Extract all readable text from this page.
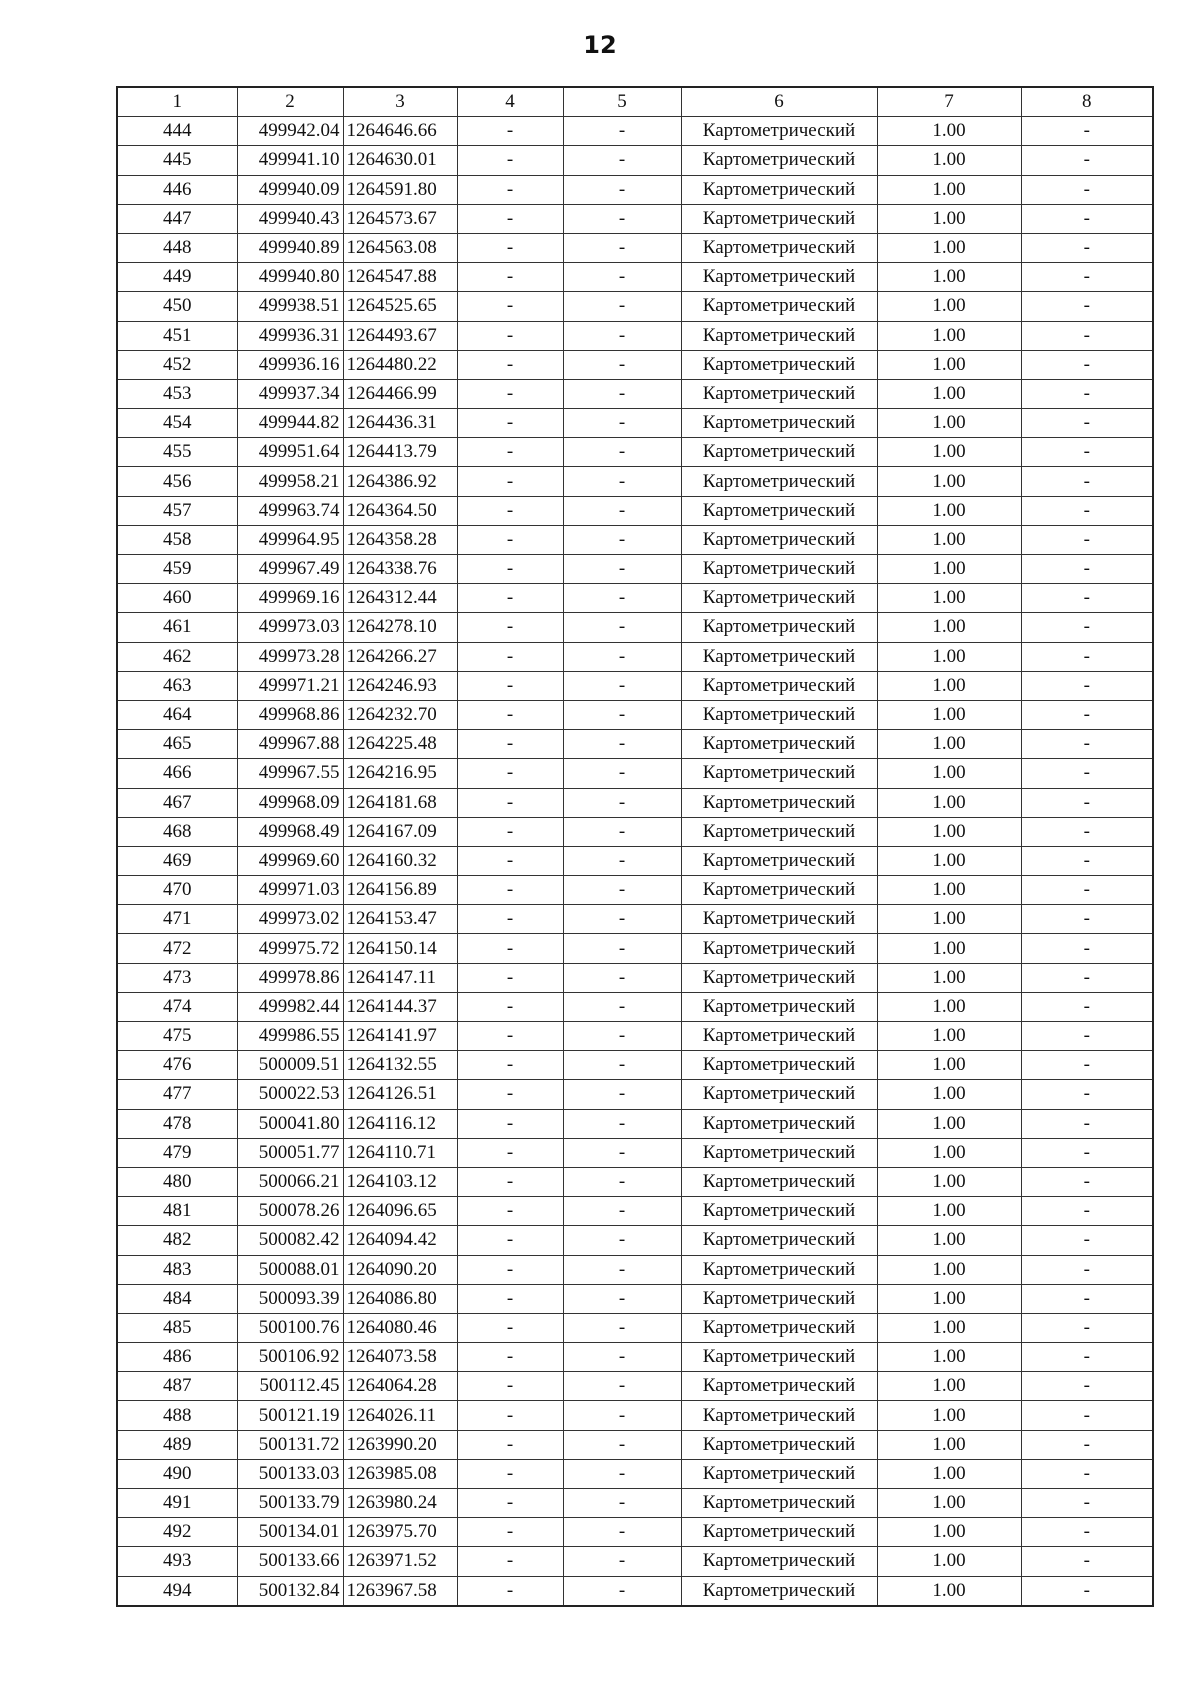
12
1	2	3	4	5	6	7	8
444	499942.04	1264646.66	-	-	Картометрический	1.00	-
445	499941.10	1264630.01	-	-	Картометрический	1.00	-
446	499940.09	1264591.80	-	-	Картометрический	1.00	-
447	499940.43	1264573.67	-	-	Картометрический	1.00	-
448	499940.89	1264563.08	-	-	Картометрический	1.00	-
449	499940.80	1264547.88	-	-	Картометрический	1.00	-
450	499938.51	1264525.65	-	-	Картометрический	1.00	-
451	499936.31	1264493.67	-	-	Картометрический	1.00	-
452	499936.16	1264480.22	-	-	Картометрический	1.00	-
453	499937.34	1264466.99	-	-	Картометрический	1.00	-
454	499944.82	1264436.31	-	-	Картометрический	1.00	-
455	499951.64	1264413.79	-	-	Картометрический	1.00	-
456	499958.21	1264386.92	-	-	Картометрический	1.00	-
457	499963.74	1264364.50	-	-	Картометрический	1.00	-
458	499964.95	1264358.28	-	-	Картометрический	1.00	-
459	499967.49	1264338.76	-	-	Картометрический	1.00	-
460	499969.16	1264312.44	-	-	Картометрический	1.00	-
461	499973.03	1264278.10	-	-	Картометрический	1.00	-
462	499973.28	1264266.27	-	-	Картометрический	1.00	-
463	499971.21	1264246.93	-	-	Картометрический	1.00	-
464	499968.86	1264232.70	-	-	Картометрический	1.00	-
465	499967.88	1264225.48	-	-	Картометрический	1.00	-
466	499967.55	1264216.95	-	-	Картометрический	1.00	-
467	499968.09	1264181.68	-	-	Картометрический	1.00	-
468	499968.49	1264167.09	-	-	Картометрический	1.00	-
469	499969.60	1264160.32	-	-	Картометрический	1.00	-
470	499971.03	1264156.89	-	-	Картометрический	1.00	-
471	499973.02	1264153.47	-	-	Картометрический	1.00	-
472	499975.72	1264150.14	-	-	Картометрический	1.00	-
473	499978.86	1264147.11	-	-	Картометрический	1.00	-
474	499982.44	1264144.37	-	-	Картометрический	1.00	-
475	499986.55	1264141.97	-	-	Картометрический	1.00	-
476	500009.51	1264132.55	-	-	Картометрический	1.00	-
477	500022.53	1264126.51	-	-	Картометрический	1.00	-
478	500041.80	1264116.12	-	-	Картометрический	1.00	-
479	500051.77	1264110.71	-	-	Картометрический	1.00	-
480	500066.21	1264103.12	-	-	Картометрический	1.00	-
481	500078.26	1264096.65	-	-	Картометрический	1.00	-
482	500082.42	1264094.42	-	-	Картометрический	1.00	-
483	500088.01	1264090.20	-	-	Картометрический	1.00	-
484	500093.39	1264086.80	-	-	Картометрический	1.00	-
485	500100.76	1264080.46	-	-	Картометрический	1.00	-
486	500106.92	1264073.58	-	-	Картометрический	1.00	-
487	500112.45	1264064.28	-	-	Картометрический	1.00	-
488	500121.19	1264026.11	-	-	Картометрический	1.00	-
489	500131.72	1263990.20	-	-	Картометрический	1.00	-
490	500133.03	1263985.08	-	-	Картометрический	1.00	-
491	500133.79	1263980.24	-	-	Картометрический	1.00	-
492	500134.01	1263975.70	-	-	Картометрический	1.00	-
493	500133.66	1263971.52	-	-	Картометрический	1.00	-
494	500132.84	1263967.58	-	-	Картометрический	1.00	-
